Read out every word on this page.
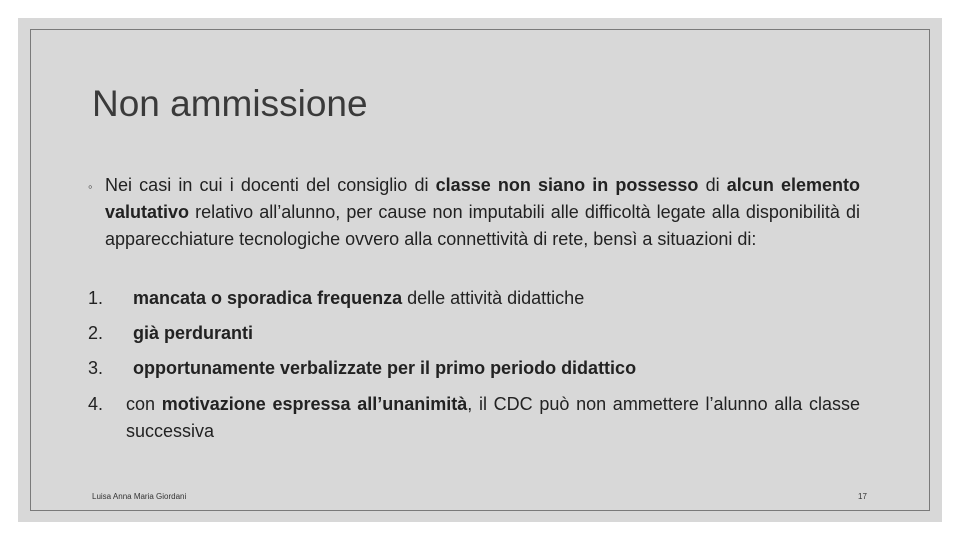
Non ammissione
◦ Nei casi in cui i docenti del consiglio di classe non siano in possesso di alcun elemento valutativo relativo all’alunno, per cause non imputabili alle difficoltà legate alla disponibilità di apparecchiature tecnologiche ovvero alla connettività di rete, bensì a situazioni di:
1.	mancata o sporadica frequenza delle attività didattiche
2.	già perduranti
3.	opportunamente verbalizzate per il primo periodo didattico
4.	con motivazione espressa all’unanimità, il CDC può non ammettere l’alunno alla classe successiva
Luisa Anna Maria Giordani	17
